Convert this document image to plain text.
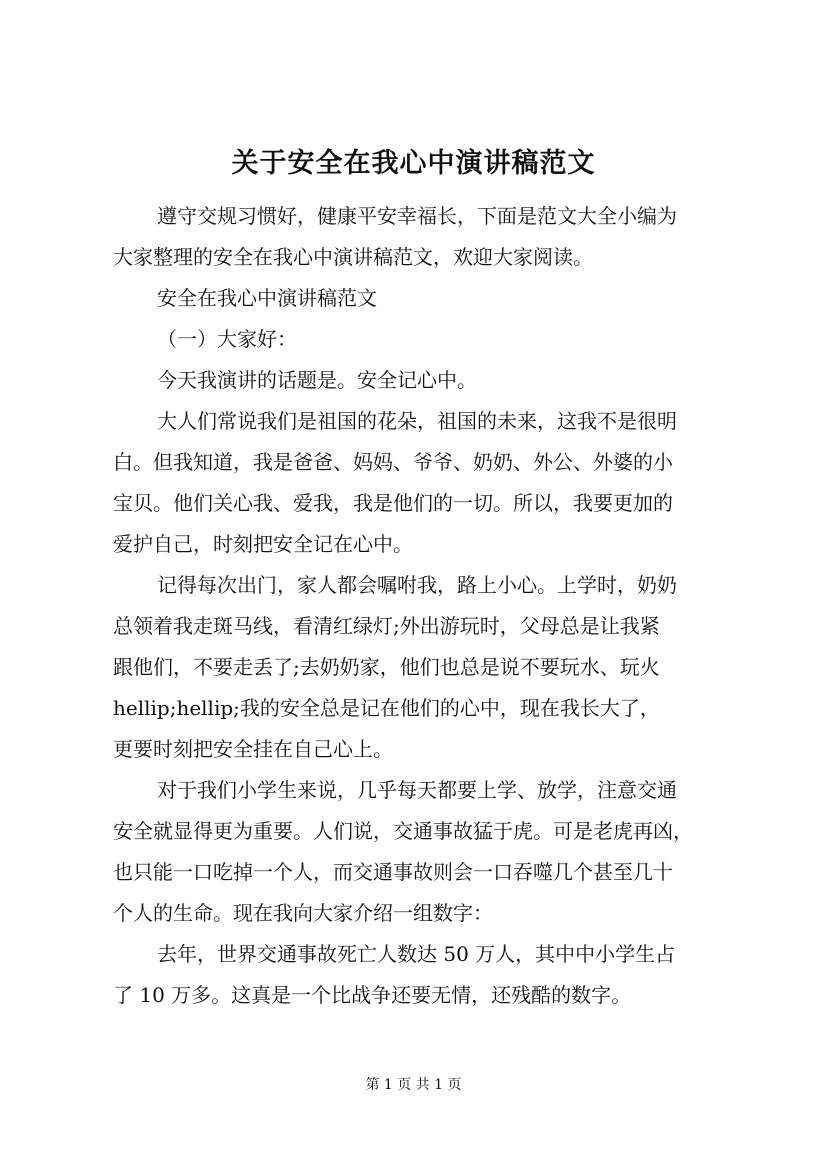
关于安全在我心中演讲稿范文

遵守交规习惯好，健康平安幸福长，下面是范文大全小编为
大家整理的安全在我心中演讲稿范文，欢迎大家阅读。

安全在我心中演讲稿范文

（一）大家好：

今天我演讲的话题是。安全记心中。

大人们常说我们是祖国的花朵，祖国的未来，这我不是很明
白。但我知道，我是爸爸、妈妈、爷爷、奶奶、外公、外婆的小
宝贝。他们关心我、爱我，我是他们的一切。所以，我要更加的
爱护自己，时刻把安全记在心中。

记得每次出门，家人都会嘱咐我，路上小心。上学时，奶奶
总领着我走斑马线，看清红绿灯;外出游玩时，父母总是让我紧
跟他们，不要走丢了;去奶奶家，他们也总是说不要玩水、玩火
hellip;hellip;我的安全总是记在他们的心中，现在我长大了，
更要时刻把安全挂在自己心上。

对于我们小学生来说，几乎每天都要上学、放学，注意交通
安全就显得更为重要。人们说，交通事故猛于虎。可是老虎再凶，
也只能一口吃掉一个人，而交通事故则会一口吞噬几个甚至几十
个人的生命。现在我向大家介绍一组数字：

去年，世界交通事故死亡人数达 50 万人，其中中小学生占
了 10 万多。这真是一个比战争还要无情，还残酷的数字。

第 1 页 共 1 页
